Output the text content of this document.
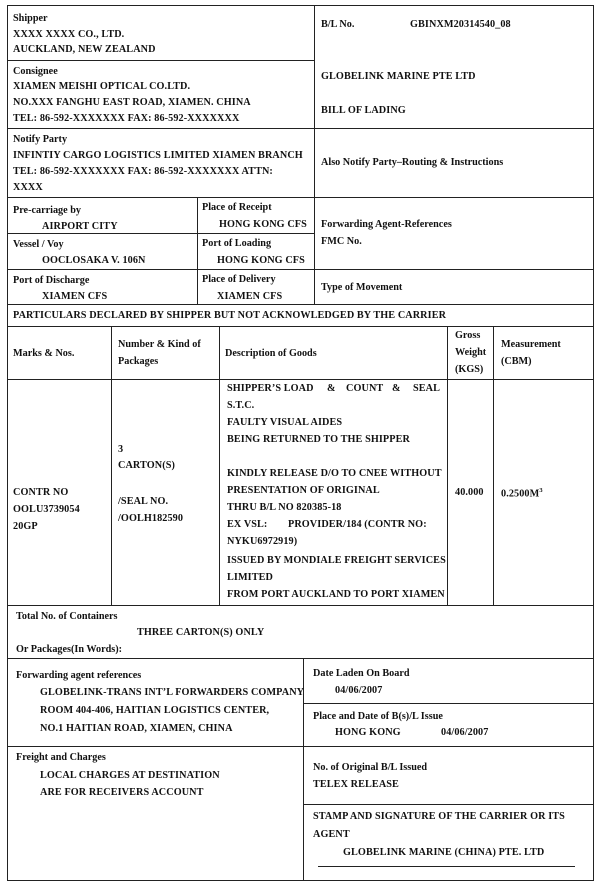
Shipper
XXXX XXXX CO., LTD.
AUCKLAND, NEW ZEALAND
B/L No.	GBINXM20314540_08
Consignee
XIAMEN MEISHI OPTICAL CO.LTD.
NO.XXX FANGHU EAST ROAD, XIAMEN. CHINA
TEL: 86-592-XXXXXXX FAX: 86-592-XXXXXXX
GLOBELINK MARINE PTE LTD
BILL OF LADING
Notify Party
INFINTIY CARGO LOGISTICS LIMITED XIAMEN BRANCH
TEL: 86-592-XXXXXXX FAX: 86-592-XXXXXXX ATTN:
XXXX
Also Notify Party–Routing & Instructions
Pre-carriage by
AIRPORT CITY
Place of Receipt
HONG KONG CFS Forwarding Agent-References
FMC No.
Vessel / Voy
OOCLOSAKA V. 106N
Port of Loading
HONG KONG CFS
Port of Discharge
XIAMEN CFS
Place of Delivery
XIAMEN CFS
Type of Movement
PARTICULARS DECLARED BY SHIPPER BUT NOT ACKNOWLEDGED BY THE CARRIER
Marks & Nos.
Number & Kind of
Packages
Description of Goods
Gross
Weight
(KGS)
Measurement
(CBM)
CONTR NO
OOLU3739054
20GP
3
CARTON(S)
/SEAL NO.
/OOLH182590
SHIPPER’S LOAD & COUNT & SEAL
S.T.C.
FAULTY VISUAL AIDES
BEING RETURNED TO THE SHIPPER
KINDLY RELEASE D/O TO CNEE WITHOUT
PRESENTATION OF ORIGINAL
THRU B/L NO 820385-18
EX VSL: PROVIDER/184 (CONTR NO:
NYKU6972919)
ISSUED BY MONDIALE FREIGHT SERVICES
LIMITED
FROM PORT AUCKLAND TO PORT XIAMEN
40.000 $0.2500M^3$
Total No. of Containers
THREE CARTON(S) ONLY
Or Packages(In Words):
Forwarding agent references
GLOBELINK-TRANS INT’L FORWARDERS COMPANY
ROOM 404-406, HAITIAN LOGISTICS CENTER,
NO.1 HAITIAN ROAD, XIAMEN, CHINA
Date Laden On Board
04/06/2007
Place and Date of B(s)/L Issue
HONG KONG	04/06/2007
Freight and Charges
LOCAL CHARGES AT DESTINATION
ARE FOR RECEIVERS ACCOUNT
No. of Original B/L Issued
TELEX RELEASE
STAMP AND SIGNATURE OF THE CARRIER OR ITS
AGENT
GLOBELINK MARINE (CHINA) PTE. LTD
